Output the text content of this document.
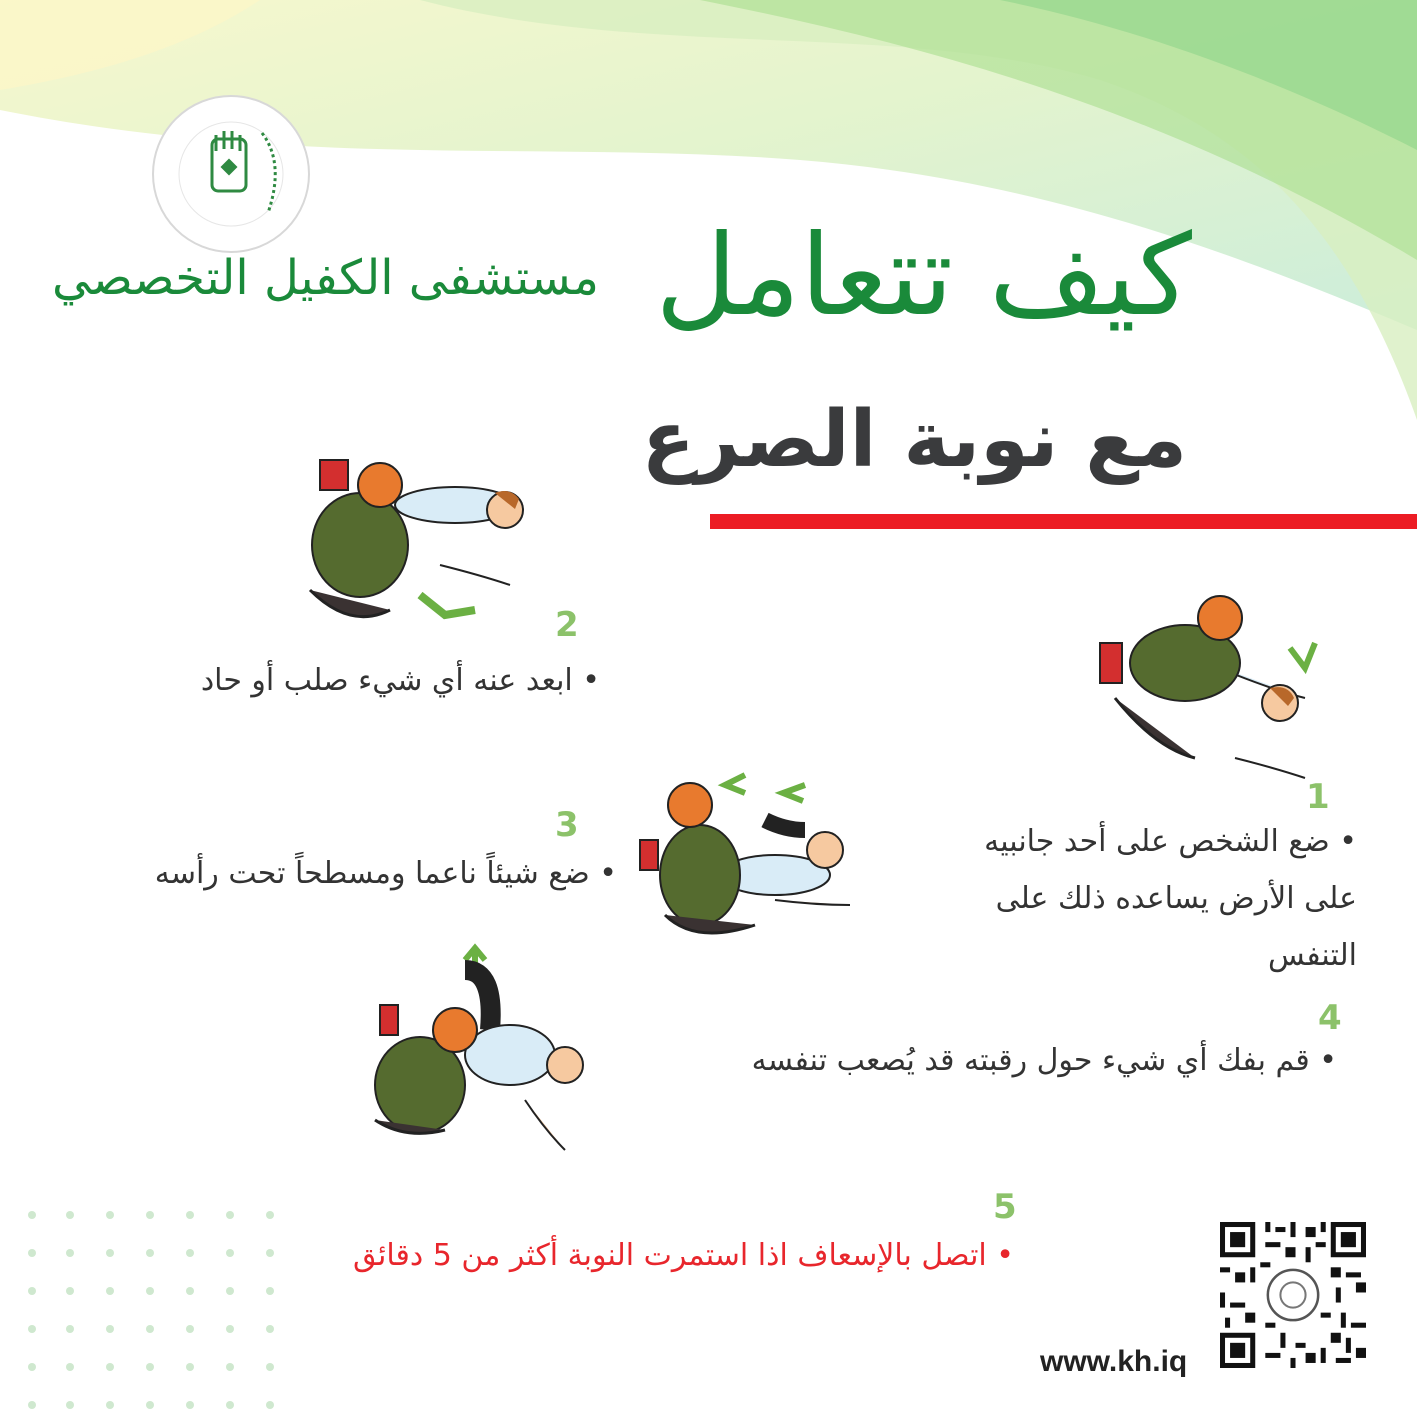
مستشفى الكفيل التخصصي كيف تتعامل
مع نوبة الصرع
2
1
3
4
5
• ابعد عنه أي شيء صلب أو حاد
• ضع الشخص على أحد جانبيه
على الأرض يساعده ذلك على
التنفس
• ضع شيئاً ناعما ومسطحاً تحت رأسه
• قم بفك أي شيء حول رقبته قد يُصعب تنفسه
• اتصل بالإسعاف اذا استمرت النوبة أكثر من 5 دقائق
www.kh.iq
